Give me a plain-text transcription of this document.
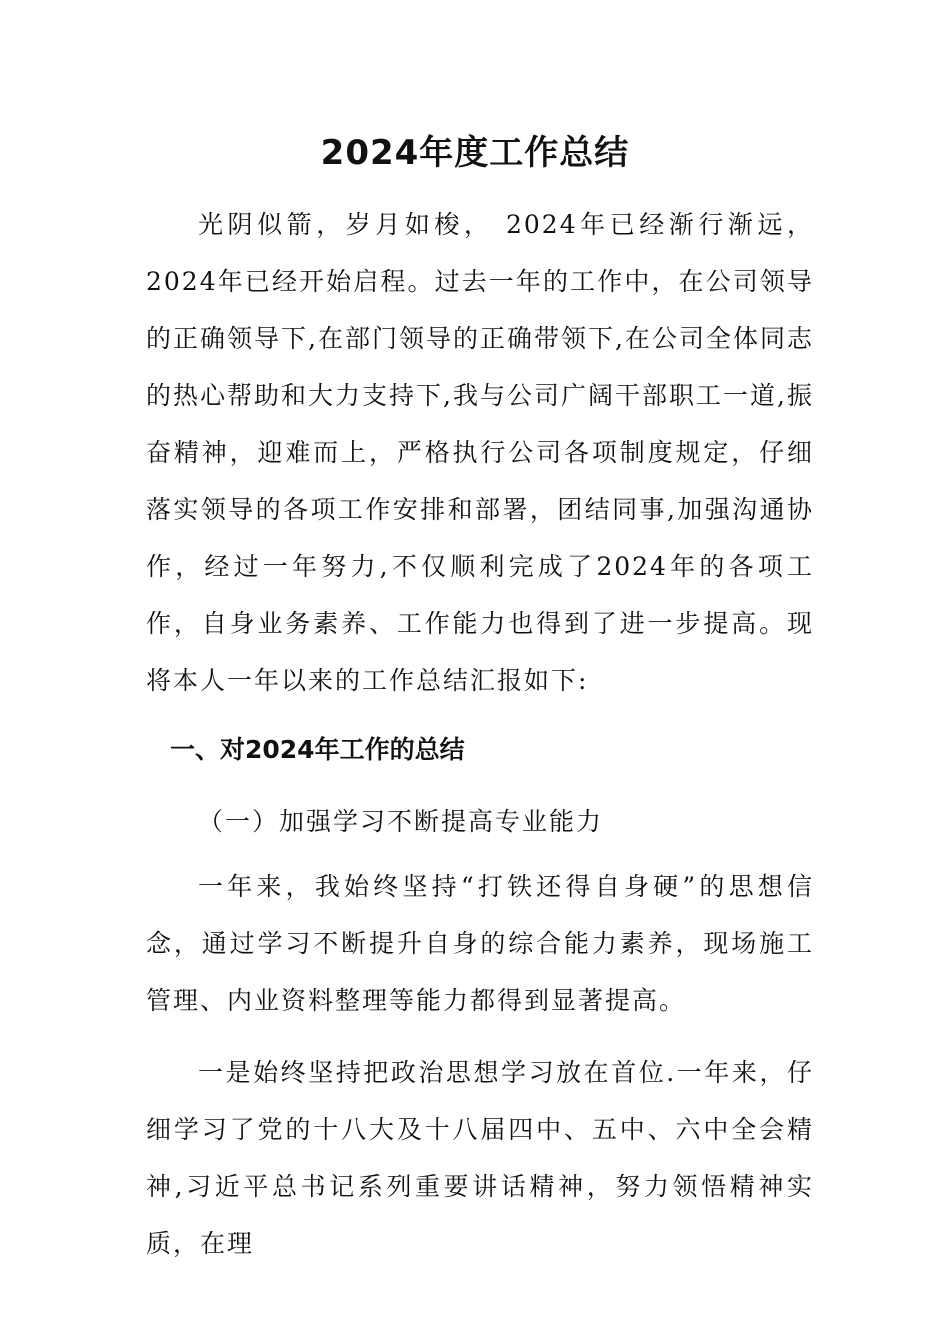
2024年度工作总结

光阴似箭，岁月如梭， 2024年已经渐行渐远，2024年已经开始启程。过去一年的工作中，在公司领导的正确领导下,在部门领导的正确带领下,在公司全体同志的热心帮助和大力支持下,我与公司广阔干部职工一道,振奋精神，迎难而上，严格执行公司各项制度规定，仔细落实领导的各项工作安排和部署，团结同事,加强沟通协作，经过一年努力,不仅顺利完成了2024年的各项工作，自身业务素养、工作能力也得到了进一步提高。现将本人一年以来的工作总结汇报如下:

一、对2024年工作的总结
（一）加强学习不断提高专业能力

一年来，我始终坚持“打铁还得自身硬”的思想信念，通过学习不断提升自身的综合能力素养，现场施工管理、内业资料整理等能力都得到显著提高。

一是始终坚持把政治思想学习放在首位.一年来，仔细学习了党的十八大及十八届四中、五中、六中全会精神,习近平总书记系列重要讲话精神，努力领悟精神实质，在理
